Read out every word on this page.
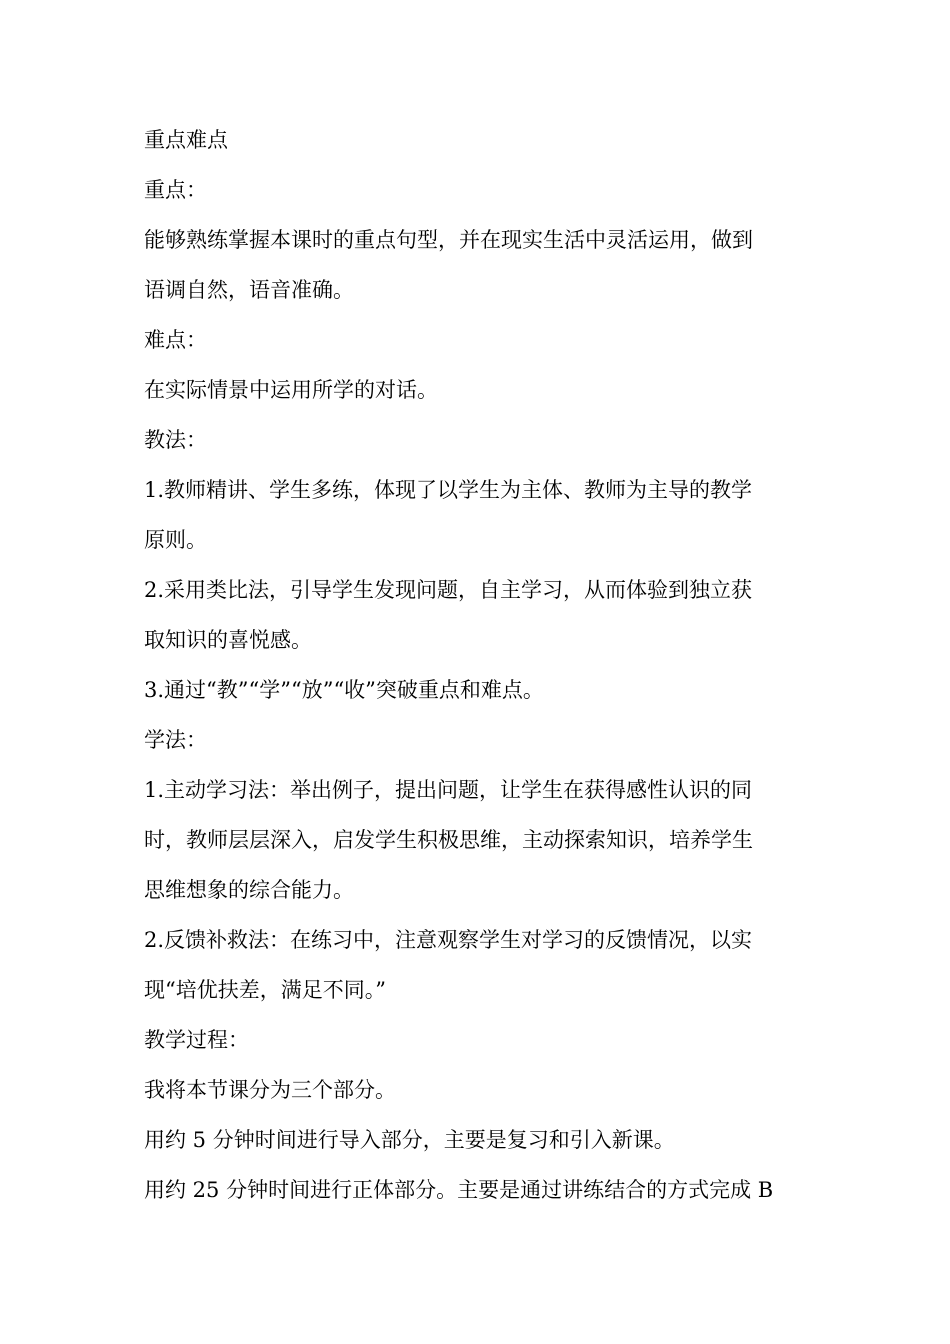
重点难点
重点：
能够熟练掌握本课时的重点句型，并在现实生活中灵活运用，做到
语调自然，语音准确。
难点：
在实际情景中运用所学的对话。
教法：
1.教师精讲、学生多练，体现了以学生为主体、教师为主导的教学
原则。
2.采用类比法，引导学生发现问题，自主学习，从而体验到独立获
取知识的喜悦感。
3.通过“教”“学”“放”“收”突破重点和难点。
学法：
1.主动学习法：举出例子，提出问题，让学生在获得感性认识的同
时，教师层层深入，启发学生积极思维，主动探索知识，培养学生
思维想象的综合能力。
2.反馈补救法：在练习中，注意观察学生对学习的反馈情况，以实
现“培优扶差，满足不同。”
教学过程：
我将本节课分为三个部分。
用约 5 分钟时间进行导入部分，主要是复习和引入新课。
用约 25 分钟时间进行正体部分。主要是通过讲练结合的方式完成 B
